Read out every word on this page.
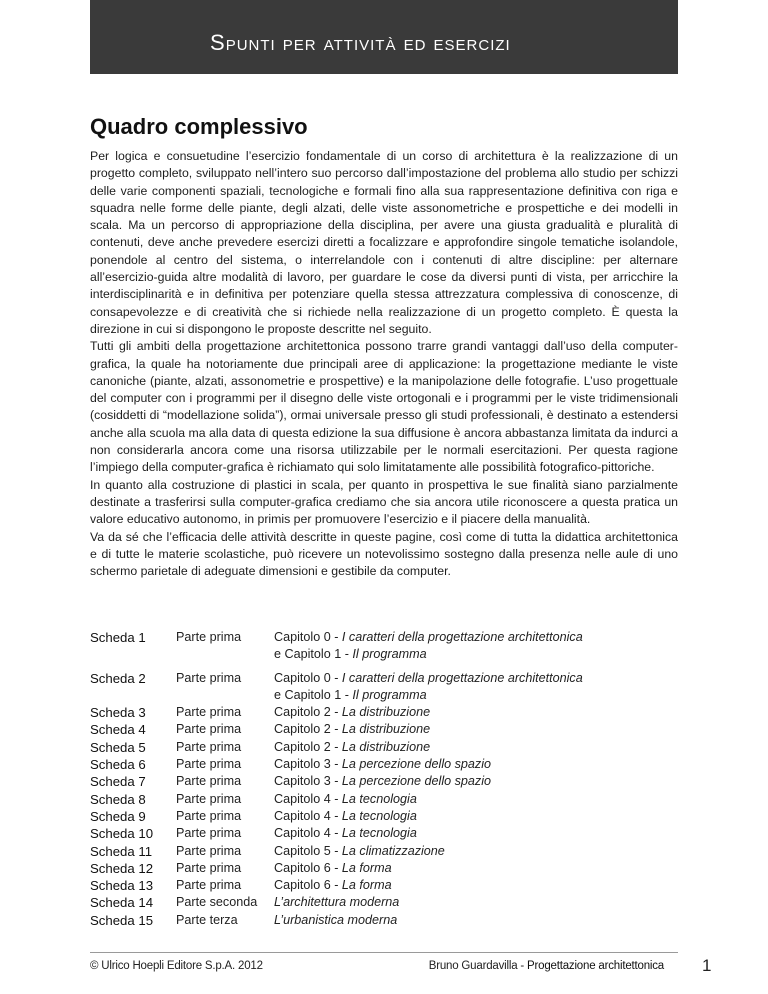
Spunti per attività ed esercizi
Quadro complessivo

Per logica e consuetudine l’esercizio fondamentale di un corso di architettura è la realizzazione di un progetto completo, sviluppato nell’intero suo percorso dall’impostazione del problema allo studio per schizzi delle varie componenti spaziali, tecnologiche e formali fino alla sua rappresentazione definitiva con riga e squadra nelle forme delle piante, degli alzati, delle viste assonometriche e prospettiche e dei modelli in scala. Ma un percorso di appropriazione della disciplina, per avere una giusta gradualità e pluralità di contenuti, deve anche prevedere esercizi diretti a focalizzare e approfondire singole tematiche isolandole, ponendole al centro del sistema, o interrelandole con i contenuti di altre discipline: per alternare all’esercizio-guida altre modalità di lavoro, per guardare le cose da diversi punti di vista, per arricchire la interdisciplinarità e in definitiva per potenziare quella stessa attrezzatura complessiva di conoscenze, di consapevolezze e di creatività che si richiede nella realizzazione di un progetto completo. È questa la direzione in cui si dispongono le proposte descritte nel seguito.

Tutti gli ambiti della progettazione architettonica possono trarre grandi vantaggi dall’uso della computer-grafica, la quale ha notoriamente due principali aree di applicazione: la progettazione mediante le viste canoniche (piante, alzati, assonometrie e prospettive) e la manipolazione delle fotografie. L’uso progettuale del computer con i programmi per il disegno delle viste ortogonali e i programmi per le viste tridimensionali (cosiddetti di “modellazione solida”), ormai universale presso gli studi professionali, è destinato a estendersi anche alla scuola ma alla data di questa edizione la sua diffusione è ancora abbastanza limitata da indurci a non considerarla ancora come una risorsa utilizzabile per le normali esercitazioni. Per questa ragione l’impiego della computer-grafica è richiamato qui solo limitatamente alle possibilità fotografico-pittoriche.

In quanto alla costruzione di plastici in scala, per quanto in prospettiva le sue finalità siano parzialmente destinate a trasferirsi sulla computer-grafica crediamo che sia ancora utile riconoscere a questa pratica un valore educativo autonomo, in primis per promuovere l’esercizio e il piacere della manualità.

Va da sé che l’efficacia delle attività descritte in queste pagine, così come di tutta la didattica architettonica e di tutte le materie scolastiche, può ricevere un notevolissimo sostegno dalla presenza nelle aule di uno schermo parietale di adeguate dimensioni e gestibile da computer.

Scheda 1	Parte prima	Capitolo 0 - I caratteri della progettazione architettonica
e Capitolo 1 - Il programma
Scheda 2	Parte prima	Capitolo 0 - I caratteri della progettazione architettonica
e Capitolo 1 - Il programma
Scheda 3	Parte prima	Capitolo 2 - La distribuzione
Scheda 4	Parte prima	Capitolo 2 - La distribuzione
Scheda 5	Parte prima	Capitolo 2 - La distribuzione
Scheda 6	Parte prima	Capitolo 3 - La percezione dello spazio
Scheda 7	Parte prima	Capitolo 3 - La percezione dello spazio
Scheda 8	Parte prima	Capitolo 4 - La tecnologia
Scheda 9	Parte prima	Capitolo 4 - La tecnologia
Scheda 10	Parte prima	Capitolo 4 - La tecnologia
Scheda 11	Parte prima	Capitolo 5 - La climatizzazione
Scheda 12	Parte prima	Capitolo 6 - La forma
Scheda 13	Parte prima	Capitolo 6 - La forma
Scheda 14	Parte seconda	L’architettura moderna
Scheda 15	Parte terza	L’urbanistica moderna
© Ulrico Hoepli Editore S.p.A. 2012	Bruno Guardavilla - Progettazione architettonica 1
